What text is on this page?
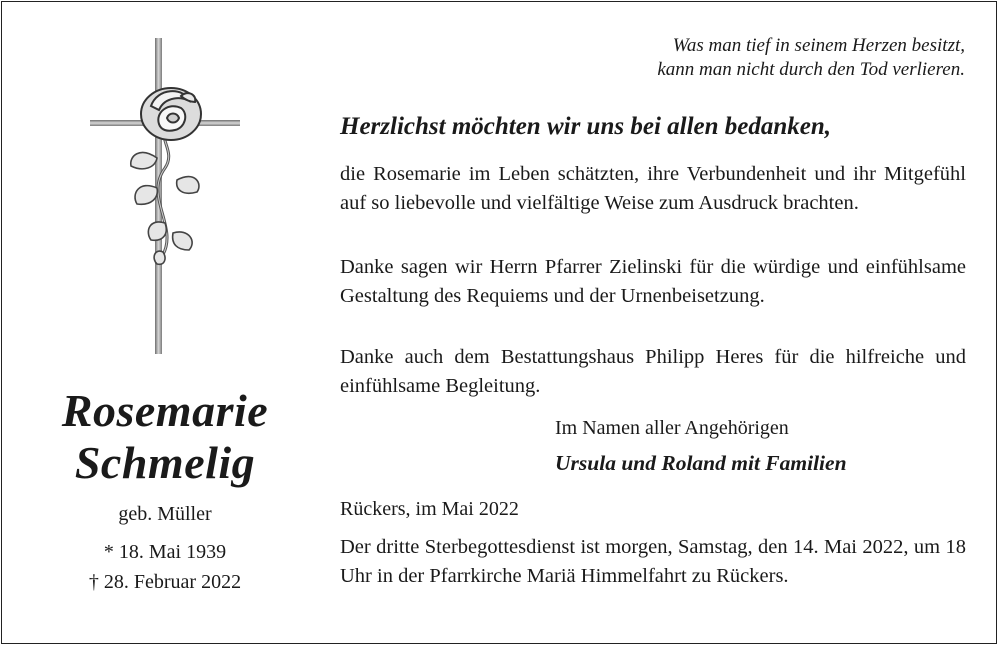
Rosemarie
Schmelig
geb. Müller
* 18. Mai 1939
† 28. Februar 2022
Was man tief in seinem Herzen besitzt,
kann man nicht durch den Tod verlieren.
Herzlichst möchten wir uns bei allen bedanken,
die Rosemarie im Leben schätzten, ihre Verbundenheit und ihr Mitgefühl auf so liebevolle und vielfältige Weise zum Ausdruck brachten.
Danke sagen wir Herrn Pfarrer Zielinski für die würdige und einfühlsame Gestaltung des Requiems und der Urnenbeisetzung.
Danke auch dem Bestattungshaus Philipp Heres für die hilfreiche und einfühlsame Begleitung.
Im Namen aller Angehörigen
Ursula und Roland mit Familien
Rückers, im Mai 2022
Der dritte Sterbegottesdienst ist morgen, Samstag, den 14. Mai 2022, um 18 Uhr in der Pfarrkirche Mariä Himmelfahrt zu Rückers.
